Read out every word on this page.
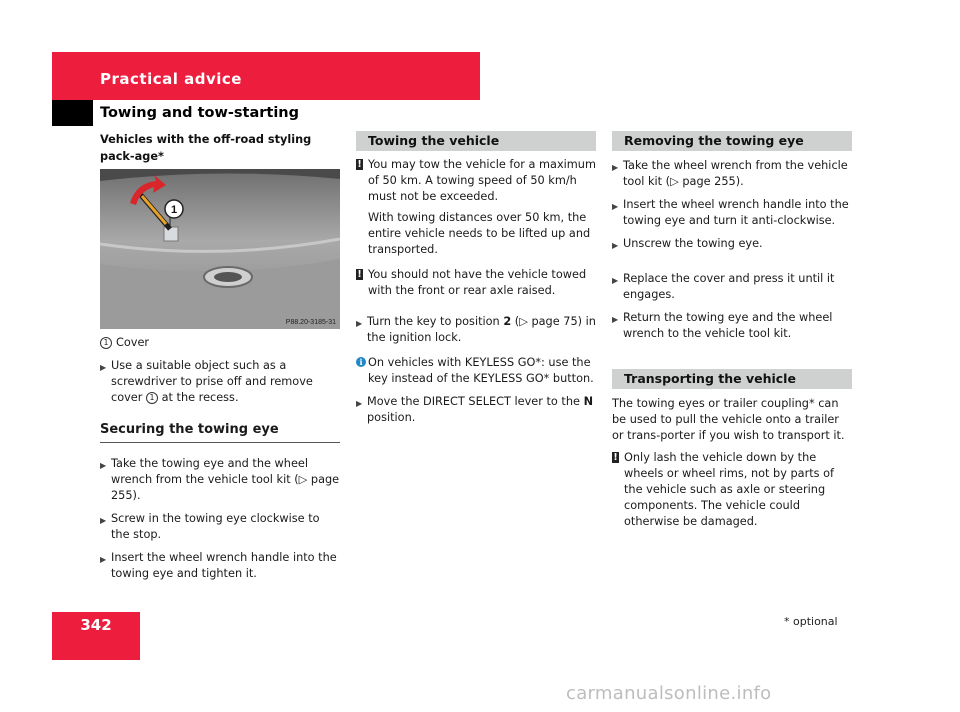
Practical advice
Towing and tow-starting
Vehicles with the off-road styling pack-age*
1
P88.20-3185-31
1 Cover
▶ Use a suitable object such as a screwdriver to prise off and remove cover 1 at the recess.
Securing the towing eye
▶ Take the towing eye and the wheel wrench from the vehicle tool kit (▷ page 255).
▶ Screw in the towing eye clockwise to the stop.
▶ Insert the wheel wrench handle into the towing eye and tighten it.
Towing the vehicle
! You may tow the vehicle for a maximum of 50 km. A towing speed of 50 km/h must not be exceeded.
With towing distances over 50 km, the entire vehicle needs to be lifted up and transported.
! You should not have the vehicle towed with the front or rear axle raised.
▶ Turn the key to position 2 (▷ page 75) in the ignition lock.
i On vehicles with KEYLESS GO*: use the key instead of the KEYLESS GO* button.
▶ Move the DIRECT SELECT lever to the N position.
Removing the towing eye
▶ Take the wheel wrench from the vehicle tool kit (▷ page 255).
▶ Insert the wheel wrench handle into the towing eye and turn it anti-clockwise.
▶ Unscrew the towing eye.
▶ Replace the cover and press it until it engages.
▶ Return the towing eye and the wheel wrench to the vehicle tool kit.
Transporting the vehicle
The towing eyes or trailer coupling* can be used to pull the vehicle onto a trailer or trans-porter if you wish to transport it.
! Only lash the vehicle down by the wheels or wheel rims, not by parts of the vehicle such as axle or steering components. The vehicle could otherwise be damaged.
342	* optional
carmanualsonline.info
